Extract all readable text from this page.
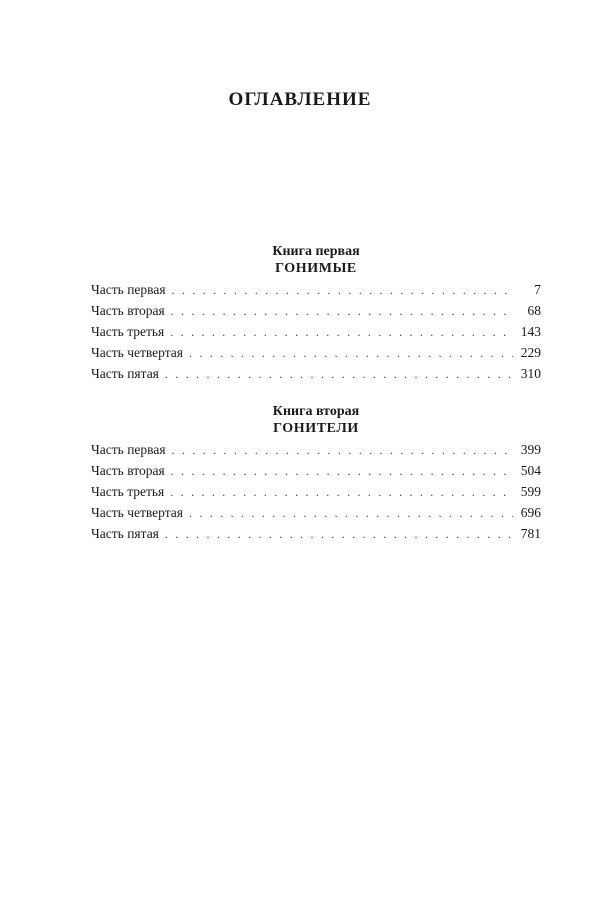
ОГЛАВЛЕНИЕ

Книга первая

ГОНИМЫЕ

Часть первая . . .	7
Часть вторая . . .	68
Часть третья . . .	143
Часть четвертая . . .	229
Часть пятая . . .	310

Книга вторая

ГОНИТЕЛИ

Часть первая . . .	399
Часть вторая . . .	504
Часть третья . . .	599
Часть четвертая . . .	696
Часть пятая . . .	781
